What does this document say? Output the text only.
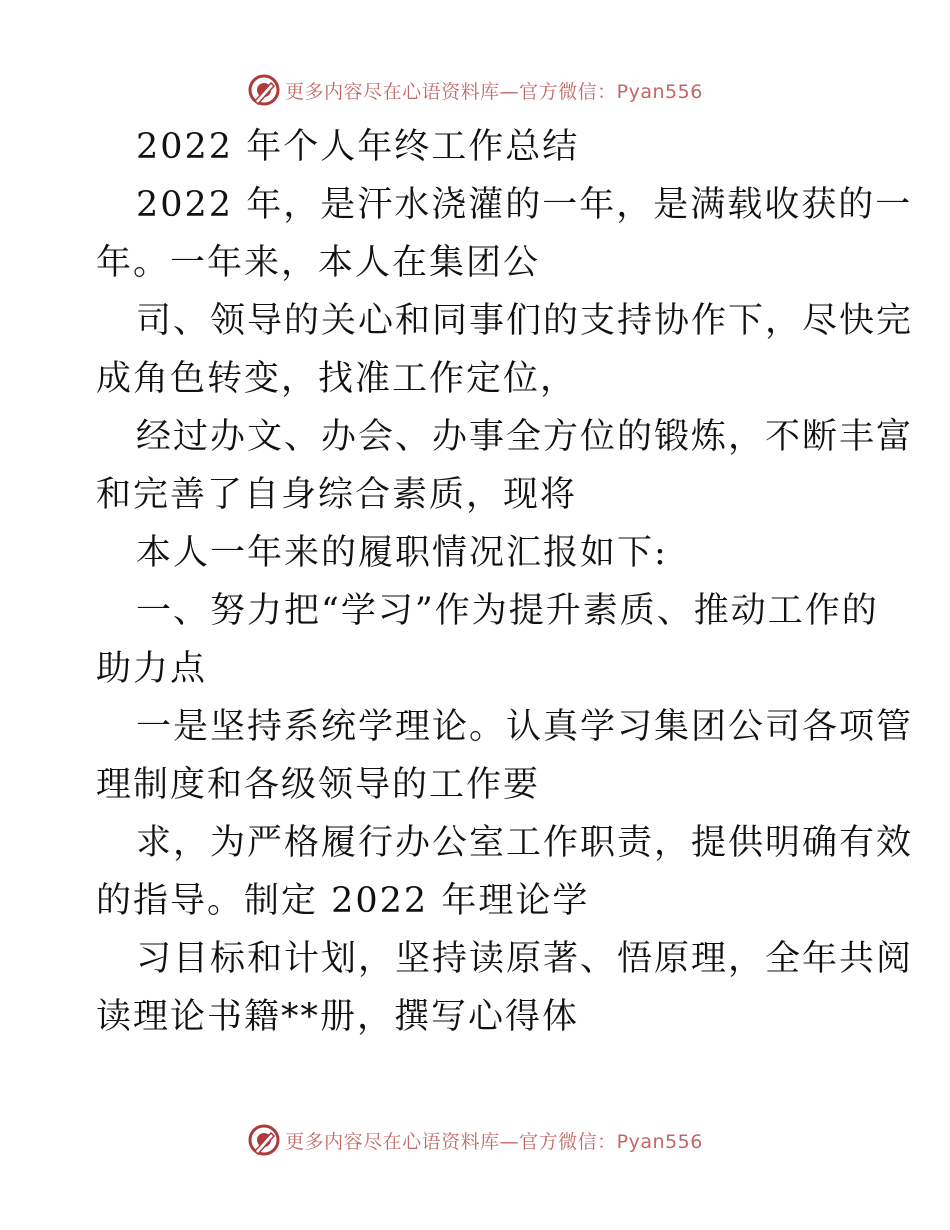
更多内容尽在心语资料库—官方微信：Pyan556
2022 年个人年终工作总结
2022 年，是汗水浇灌的一年，是满载收获的一
年。一年来，本人在集团公
司、领导的关心和同事们的支持协作下，尽快完
成角色转变，找准工作定位，
经过办文、办会、办事全方位的锻炼，不断丰富
和完善了自身综合素质，现将
本人一年来的履职情况汇报如下:
一、努力把“学习”作为提升素质、推动工作的
助力点
一是坚持系统学理论。认真学习集团公司各项管
理制度和各级领导的工作要
求，为严格履行办公室工作职责，提供明确有效
的指导。制定 2022 年理论学
习目标和计划，坚持读原著、悟原理，全年共阅
读理论书籍**册，撰写心得体
更多内容尽在心语资料库—官方微信：Pyan556
